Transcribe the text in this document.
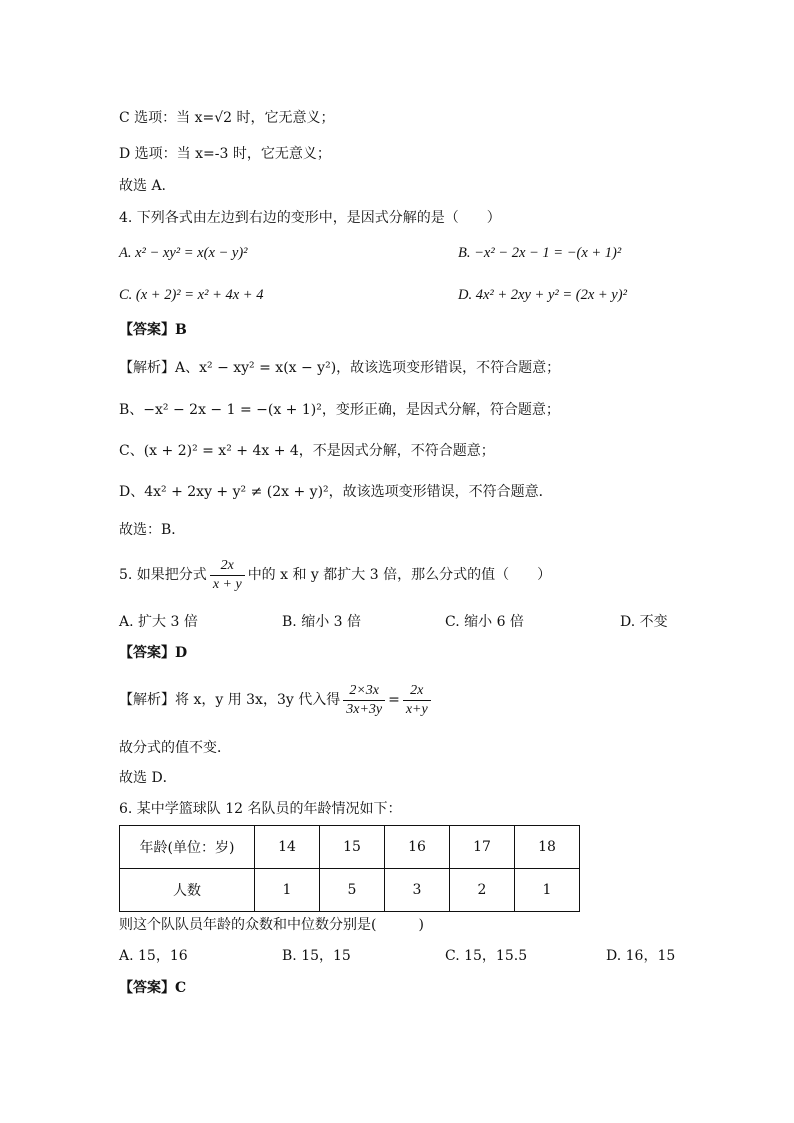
C 选项：当 x=√2 时，它无意义；
D 选项：当 x=-3 时，它无意义；
故选 A.
4. 下列各式由左边到右边的变形中，是因式分解的是（　　）
A. x² − xy² = x(x − y)²	B. −x² − 2x − 1 = −(x + 1)²
C. (x + 2)² = x² + 4x + 4	D. 4x² + 2xy + y² = (2x + y)²
【答案】B
【解析】A、x² − xy² = x(x − y²)，故该选项变形错误，不符合题意；
B、−x² − 2x − 1 = −(x + 1)²，变形正确，是因式分解，符合题意；
C、(x + 2)² = x² + 4x + 4，不是因式分解，不符合题意；
D、4x² + 2xy + y² ≠ (2x + y)²，故该选项变形错误，不符合题意．
故选：B．
5. 如果把分式 $\frac{2x}{x + y}$ 中的 x 和 y 都扩大 3 倍，那么分式的值（　　）
A. 扩大 3 倍	B. 缩小 3 倍	C. 缩小 6 倍	D. 不变
【答案】D
【解析】将 x，y 用 3x，3y 代入得 $\frac{2\times 3x}{3x+3y} = \frac{2x}{x+y}$
故分式的值不变．
故选 D．
6. 某中学篮球队 12 名队员的年龄情况如下：
年龄(单位：岁)	14	15	16	17	18
人数	1	5	3	2	1
则这个队队员年龄的众数和中位数分别是(　　　)
A. 15，16	B. 15，15	C. 15，15.5	D. 16，15
【答案】C
